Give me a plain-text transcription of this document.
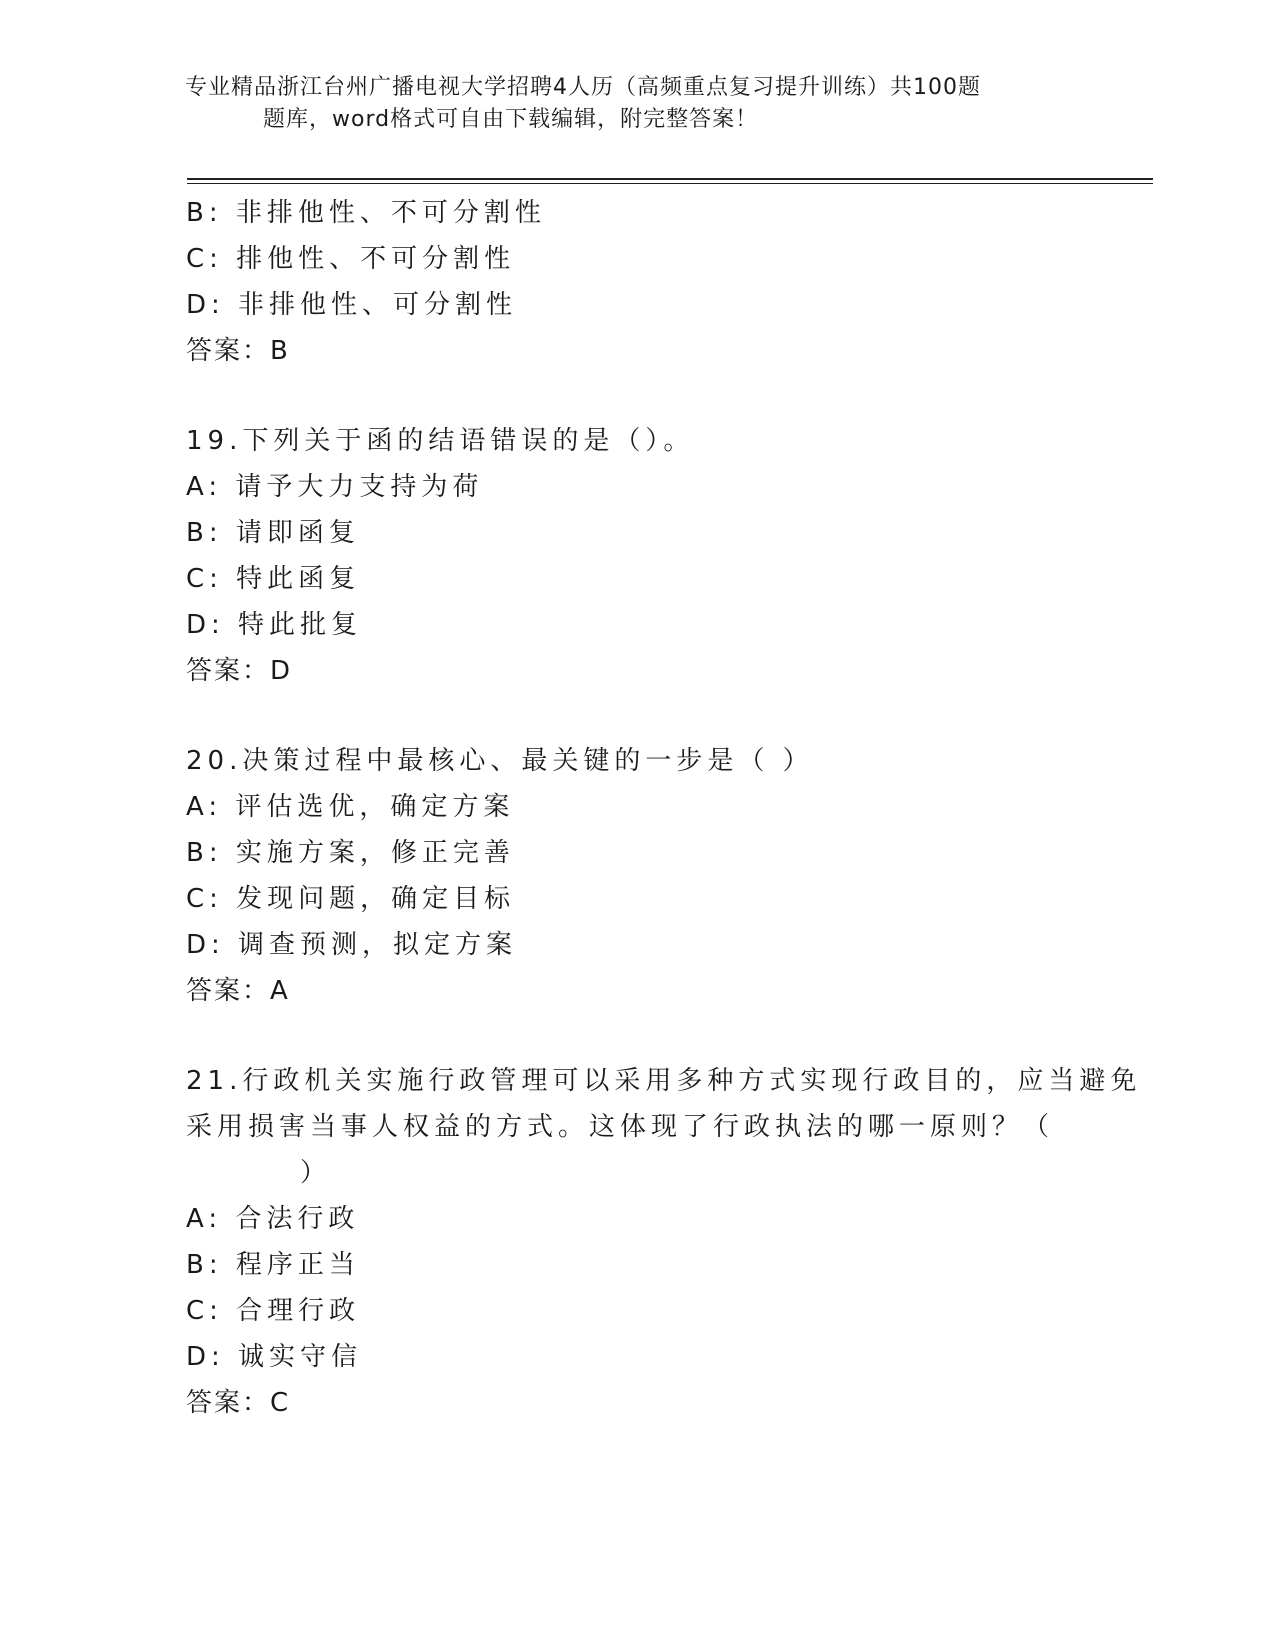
专业精品浙江台州广播电视大学招聘4人历（高频重点复习提升训练）共100题
题库，word格式可自由下载编辑，附完整答案！
B: 非排他性、不可分割性
C: 排他性、不可分割性
D: 非排他性、可分割性
答案：B
19.下列关于函的结语错误的是（）。
A: 请予大力支持为荷
B: 请即函复
C: 特此函复
D: 特此批复
答案：D
20.决策过程中最核心、最关键的一步是（ ）
A: 评估选优，确定方案
B: 实施方案，修正完善
C: 发现问题，确定目标
D: 调查预测，拟定方案
答案：A
21.行政机关实施行政管理可以采用多种方式实现行政目的，应当避免
采用损害当事人权益的方式。这体现了行政执法的哪一原则？（
）
A: 合法行政
B: 程序正当
C: 合理行政
D: 诚实守信
答案：C
